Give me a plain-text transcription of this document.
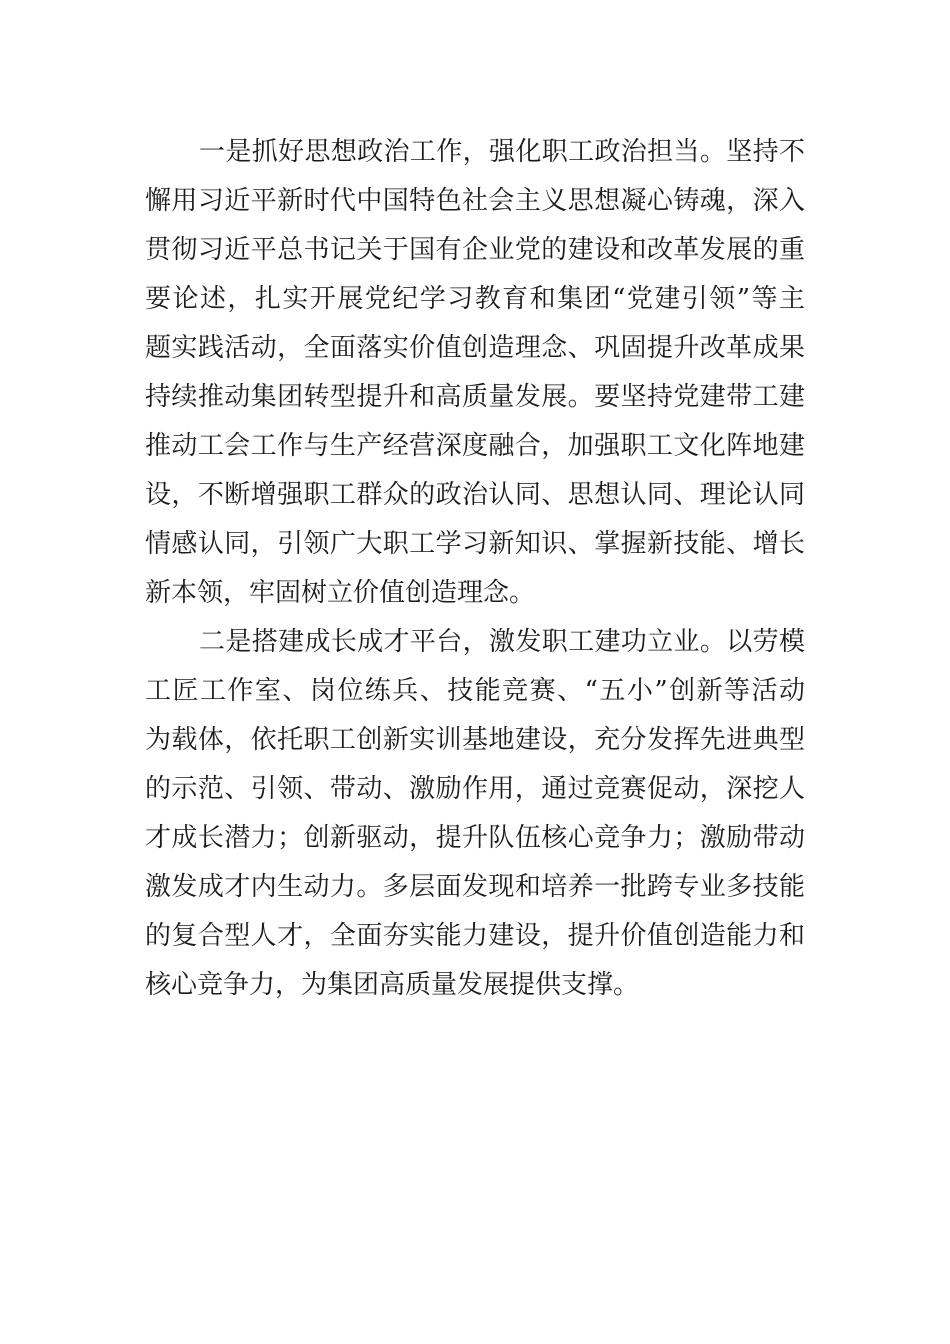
一是抓好思想政治工作，强化职工政治担当。坚持不
懈用习近平新时代中国特色社会主义思想凝心铸魂，深入
贯彻习近平总书记关于国有企业党的建设和改革发展的重
要论述，扎实开展党纪学习教育和集团“党建引领”等主
题实践活动，全面落实价值创造理念、巩固提升改革成果
持续推动集团转型提升和高质量发展。要坚持党建带工建
推动工会工作与生产经营深度融合，加强职工文化阵地建
设，不断增强职工群众的政治认同、思想认同、理论认同
情感认同，引领广大职工学习新知识、掌握新技能、增长
新本领，牢固树立价值创造理念。
二是搭建成长成才平台，激发职工建功立业。以劳模
工匠工作室、岗位练兵、技能竞赛、“五小”创新等活动
为载体，依托职工创新实训基地建设，充分发挥先进典型
的示范、引领、带动、激励作用，通过竞赛促动，深挖人
才成长潜力；创新驱动，提升队伍核心竞争力；激励带动
激发成才内生动力。多层面发现和培养一批跨专业多技能
的复合型人才，全面夯实能力建设，提升价值创造能力和
核心竞争力，为集团高质量发展提供支撑。
